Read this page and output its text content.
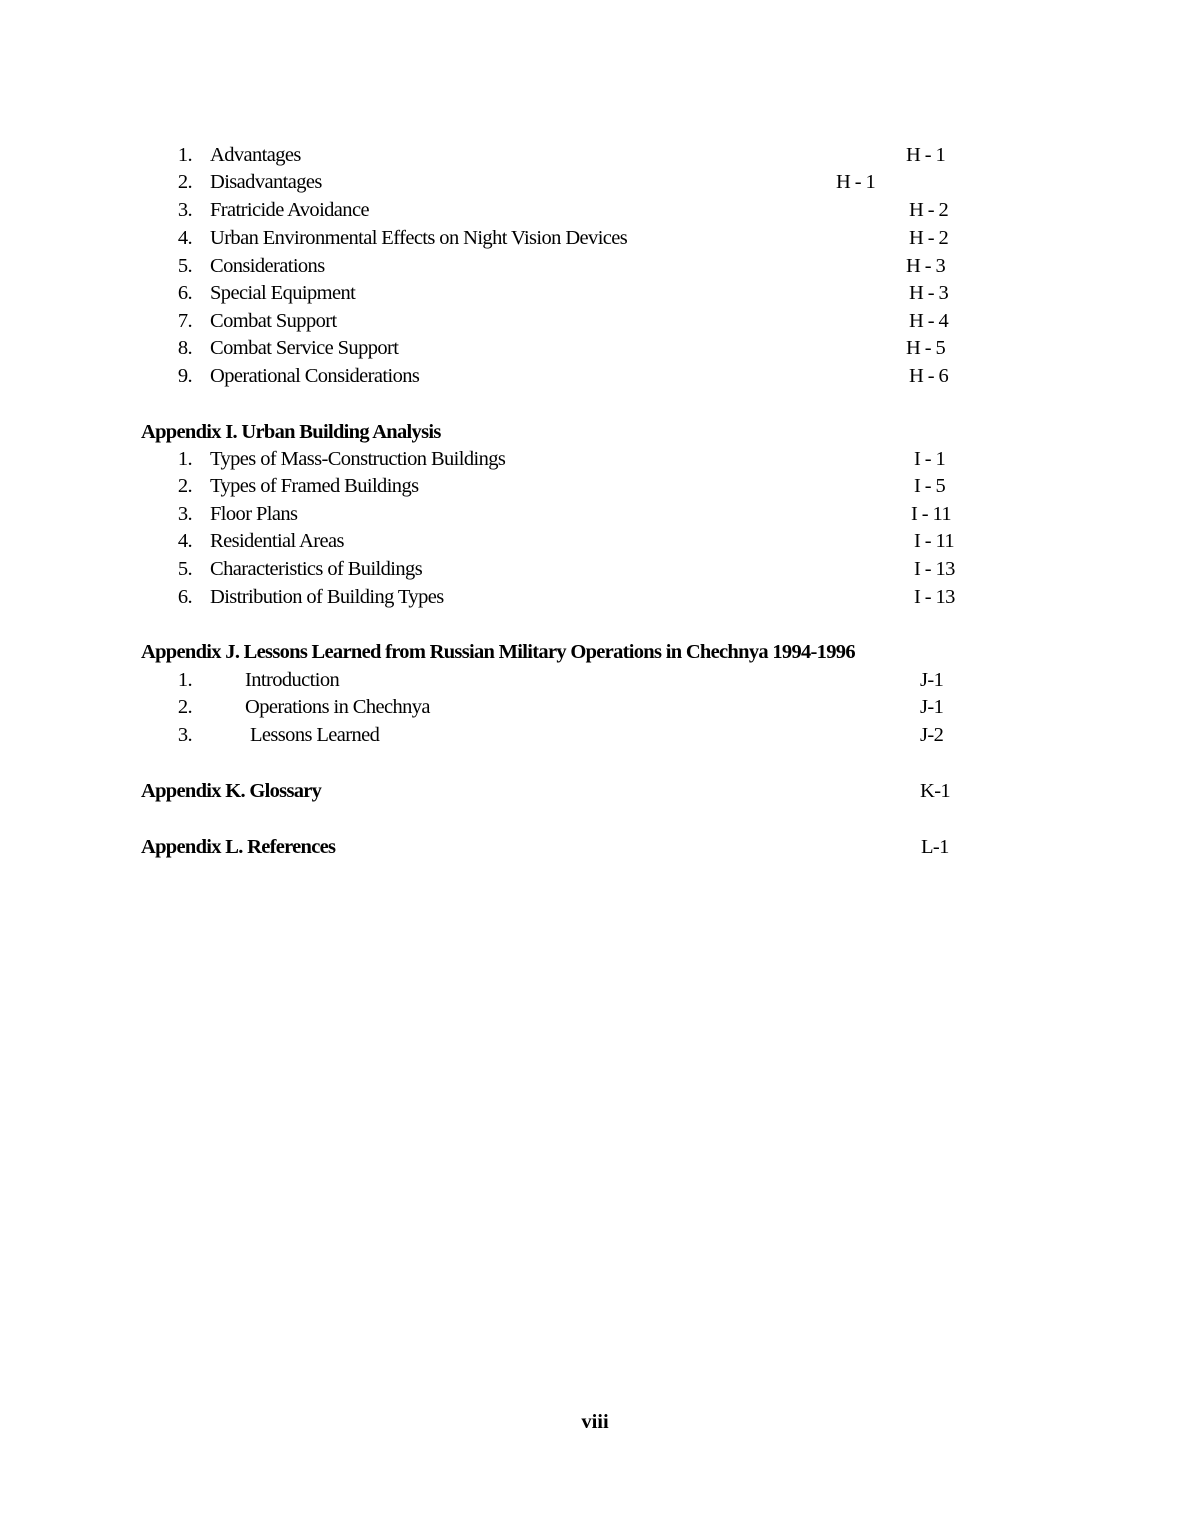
1. Advantages	H - 1
2. Disadvantages	H - 1
3. Fratricide Avoidance	H - 2
4. Urban Environmental Effects on Night Vision Devices	H - 2
5. Considerations	H - 3
6. Special Equipment	H - 3
7. Combat Support	H - 4
8. Combat Service Support	H - 5
9. Operational Considerations	H - 6
Appendix I. Urban Building Analysis
1. Types of Mass-Construction Buildings	I - 1
2. Types of Framed Buildings	I - 5
3. Floor Plans	I - 11
4. Residential Areas	I - 11
5. Characteristics of Buildings	I - 13
6. Distribution of Building Types	I - 13
Appendix J. Lessons Learned from Russian Military Operations in Chechnya 1994-1996
1.	Introduction	J-1
2.	Operations in Chechnya	J-1
3.	Lessons Learned	J-2
Appendix K. Glossary	K-1
Appendix L. References	L-1
viii
